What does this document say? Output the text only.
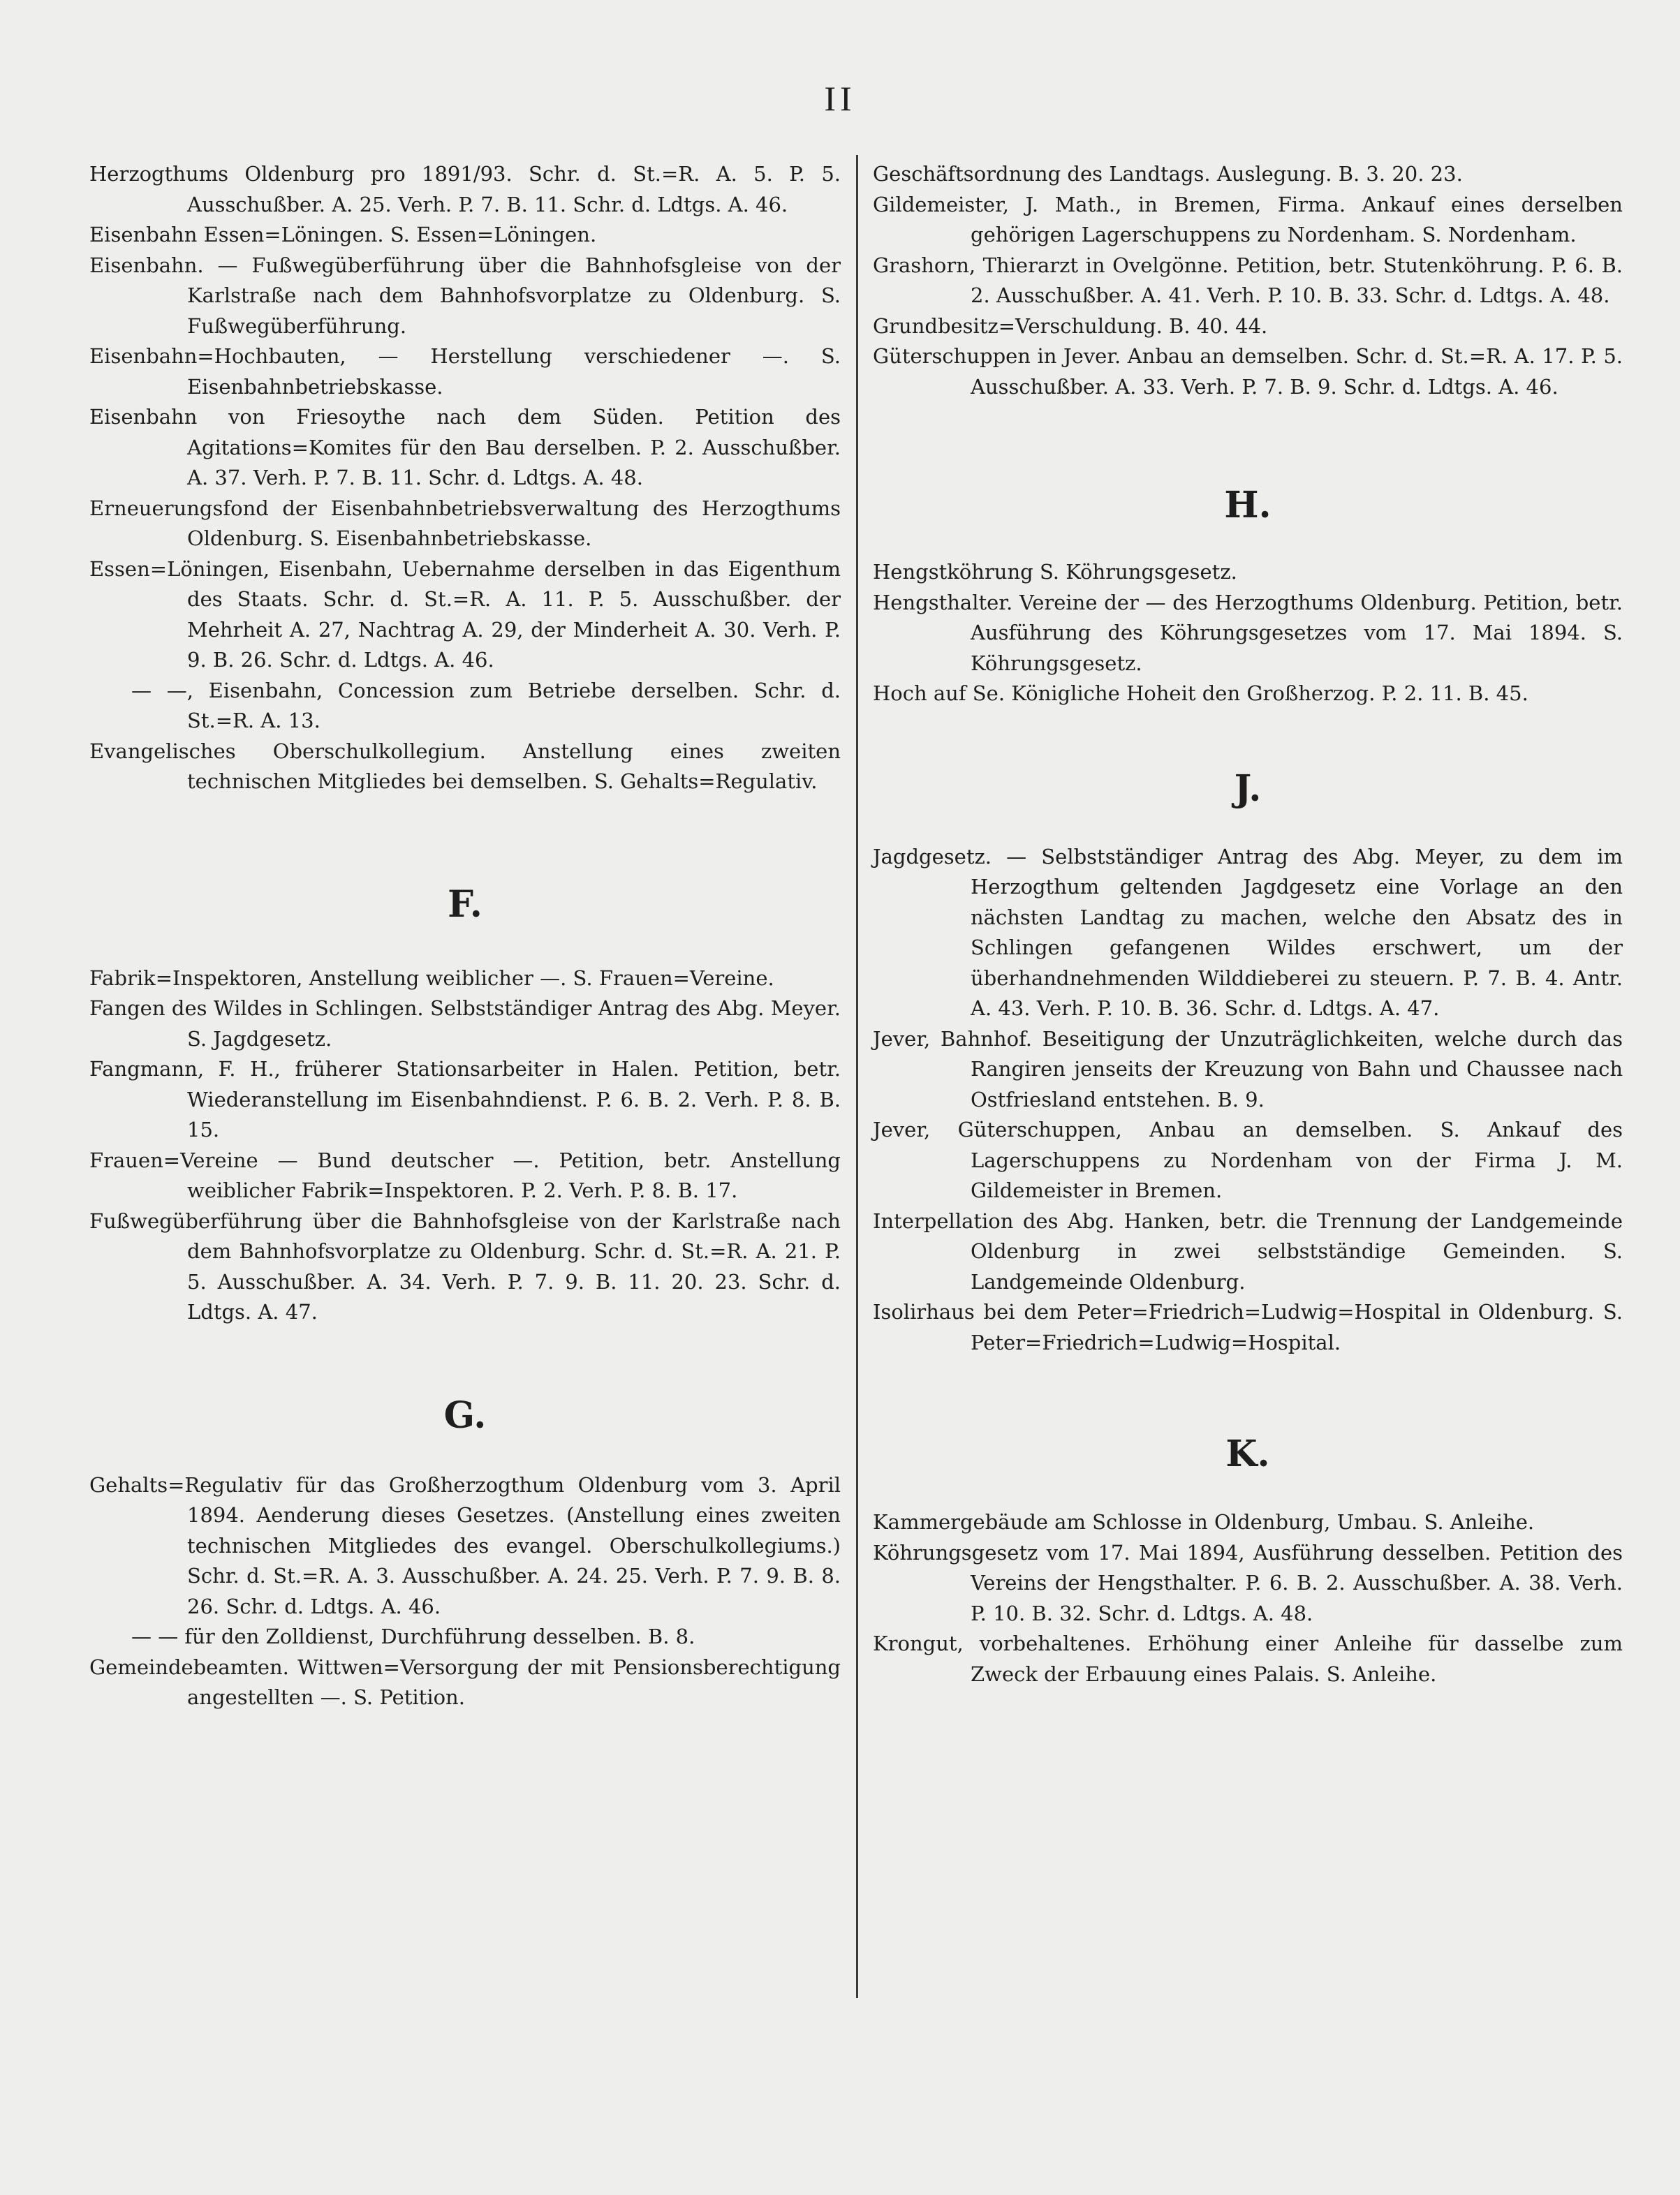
II
Herzogthums Oldenburg pro 1891/93. Schr. d. St.=R. A. 5. P. 5. Ausschußber. A. 25. Verh. P. 7. B. 11. Schr. d. Ldtgs. A. 46.
Eisenbahn Essen=Löningen. S. Essen=Löningen.
Eisenbahn. — Fußwegüberführung über die Bahnhofsgleise von der Karlstraße nach dem Bahnhofsvorplatze zu Oldenburg. S. Fußwegüberführung.
Eisenbahn=Hochbauten, — Herstellung verschiedener —. S. Eisenbahnbetriebskasse.
Eisenbahn von Friesoythe nach dem Süden. Petition des Agitations=Komites für den Bau derselben. P. 2. Ausschußber. A. 37. Verh. P. 7. B. 11. Schr. d. Ldtgs. A. 48.
Erneuerungsfond der Eisenbahnbetriebsverwaltung des Herzogthums Oldenburg. S. Eisenbahnbetriebskasse.
Essen=Löningen, Eisenbahn, Uebernahme derselben in das Eigenthum des Staats. Schr. d. St.=R. A. 11. P. 5. Ausschußber. der Mehrheit A. 27, Nachtrag A. 29, der Minderheit A. 30. Verh. P. 9. B. 26. Schr. d. Ldtgs. A. 46.
— —, Eisenbahn, Concession zum Betriebe derselben. Schr. d. St.=R. A. 13.
Evangelisches Oberschulkollegium. Anstellung eines zweiten technischen Mitgliedes bei demselben. S. Gehalts=Regulativ.
F.
Fabrik=Inspektoren, Anstellung weiblicher —. S. Frauen=Vereine.
Fangen des Wildes in Schlingen. Selbstständiger Antrag des Abg. Meyer. S. Jagdgesetz.
Fangmann, F. H., früherer Stationsarbeiter in Halen. Petition, betr. Wiederanstellung im Eisenbahndienst. P. 6. B. 2. Verh. P. 8. B. 15.
Frauen=Vereine — Bund deutscher —. Petition, betr. Anstellung weiblicher Fabrik=Inspektoren. P. 2. Verh. P. 8. B. 17.
Fußwegüberführung über die Bahnhofsgleise von der Karlstraße nach dem Bahnhofsvorplatze zu Oldenburg. Schr. d. St.=R. A. 21. P. 5. Ausschußber. A. 34. Verh. P. 7. 9. B. 11. 20. 23. Schr. d. Ldtgs. A. 47.
G.
Gehalts=Regulativ für das Großherzogthum Oldenburg vom 3. April 1894. Aenderung dieses Gesetzes. (Anstellung eines zweiten technischen Mitgliedes des evangel. Oberschulkollegiums.) Schr. d. St.=R. A. 3. Ausschußber. A. 24. 25. Verh. P. 7. 9. B. 8. 26. Schr. d. Ldtgs. A. 46.
— — für den Zolldienst, Durchführung desselben. B. 8.
Gemeindebeamten. Wittwen=Versorgung der mit Pensionsberechtigung angestellten —. S. Petition.
Geschäftsordnung des Landtags. Auslegung. B. 3. 20. 23.
Gildemeister, J. Math., in Bremen, Firma. Ankauf eines derselben gehörigen Lagerschuppens zu Nordenham. S. Nordenham.
Grashorn, Thierarzt in Ovelgönne. Petition, betr. Stutenköhrung. P. 6. B. 2. Ausschußber. A. 41. Verh. P. 10. B. 33. Schr. d. Ldtgs. A. 48.
Grundbesitz=Verschuldung. B. 40. 44.
Güterschuppen in Jever. Anbau an demselben. Schr. d. St.=R. A. 17. P. 5. Ausschußber. A. 33. Verh. P. 7. B. 9. Schr. d. Ldtgs. A. 46.
H.
Hengstköhrung S. Köhrungsgesetz.
Hengsthalter. Vereine der — des Herzogthums Oldenburg. Petition, betr. Ausführung des Köhrungsgesetzes vom 17. Mai 1894. S. Köhrungsgesetz.
Hoch auf Se. Königliche Hoheit den Großherzog. P. 2. 11. B. 45.
J.
Jagdgesetz. — Selbstständiger Antrag des Abg. Meyer, zu dem im Herzogthum geltenden Jagdgesetz eine Vorlage an den nächsten Landtag zu machen, welche den Absatz des in Schlingen gefangenen Wildes erschwert, um der überhandnehmenden Wilddieberei zu steuern. P. 7. B. 4. Antr. A. 43. Verh. P. 10. B. 36. Schr. d. Ldtgs. A. 47.
Jever, Bahnhof. Beseitigung der Unzuträglichkeiten, welche durch das Rangiren jenseits der Kreuzung von Bahn und Chaussee nach Ostfriesland entstehen. B. 9.
Jever, Güterschuppen, Anbau an demselben. S. Ankauf des Lagerschuppens zu Nordenham von der Firma J. M. Gildemeister in Bremen.
Interpellation des Abg. Hanken, betr. die Trennung der Landgemeinde Oldenburg in zwei selbstständige Gemeinden. S. Landgemeinde Oldenburg.
Isolirhaus bei dem Peter=Friedrich=Ludwig=Hospital in Oldenburg. S. Peter=Friedrich=Ludwig=Hospital.
K.
Kammergebäude am Schlosse in Oldenburg, Umbau. S. Anleihe.
Köhrungsgesetz vom 17. Mai 1894, Ausführung desselben. Petition des Vereins der Hengsthalter. P. 6. B. 2. Ausschußber. A. 38. Verh. P. 10. B. 32. Schr. d. Ldtgs. A. 48.
Krongut, vorbehaltenes. Erhöhung einer Anleihe für dasselbe zum Zweck der Erbauung eines Palais. S. Anleihe.
